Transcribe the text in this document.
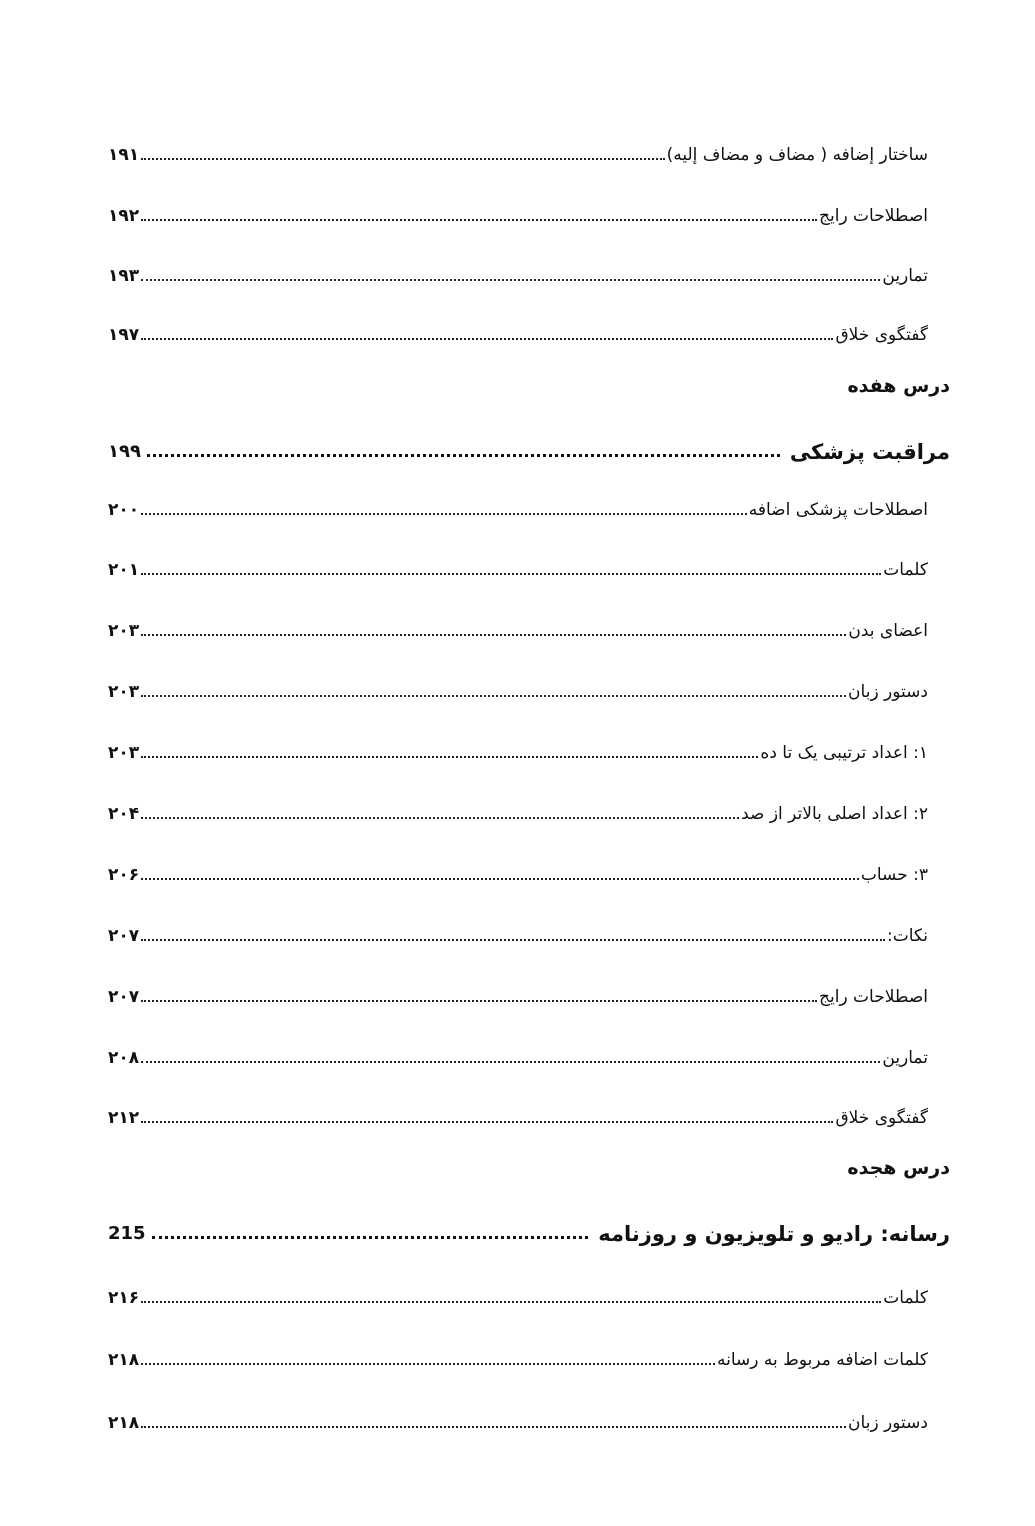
۱۹۱	ساختار إضافه ( مضاف و مضاف إليه)
۱۹۲	اصطلاحات رایج
۱۹۳	تمارین
۱۹۷	گفتگوی خلاق
درس هفده
۱۹۹	مراقبت پزشکی
۲۰۰	اصطلاحات پزشکی اضافه
۲۰۱	کلمات
۲۰۳	اعضای بدن
۲۰۳	دستور زبان
۲۰۳	۱: اعداد ترتیبی یک تا ده
۲۰۴	۲: اعداد اصلی بالاتر از صد
۲۰۶	۳: حساب
۲۰۷	نکات:
۲۰۷	اصطلاحات رایج
۲۰۸	تمارین
۲۱۲	گفتگوی خلاق
درس هجده
215	رسانه: رادیو و تلویزیون و روزنامه
۲۱۶	کلمات
۲۱۸	کلمات اضافه مربوط به رسانه
۲۱۸	دستور زبان
